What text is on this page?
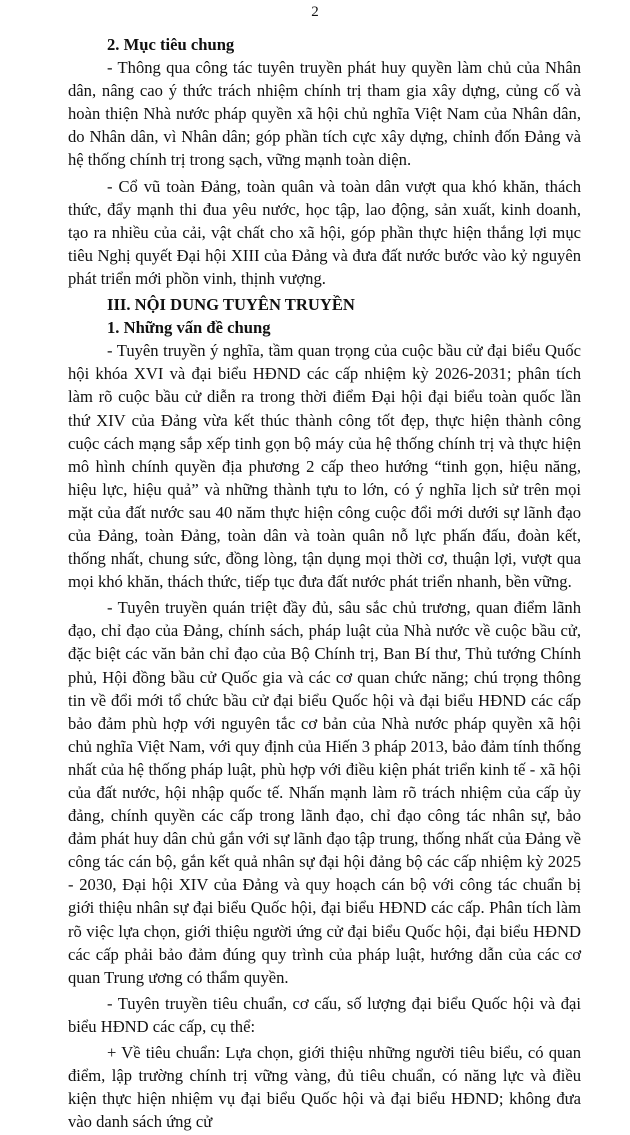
2

2. Mục tiêu chung

- Thông qua công tác tuyên truyền phát huy quyền làm chủ của Nhân dân, nâng cao ý thức trách nhiệm chính trị tham gia xây dựng, củng cố và hoàn thiện Nhà nước pháp quyền xã hội chủ nghĩa Việt Nam của Nhân dân, do Nhân dân, vì Nhân dân; góp phần tích cực xây dựng, chỉnh đốn Đảng và hệ thống chính trị trong sạch, vững mạnh toàn diện.

- Cổ vũ toàn Đảng, toàn quân và toàn dân vượt qua khó khăn, thách thức, đẩy mạnh thi đua yêu nước, học tập, lao động, sản xuất, kinh doanh, tạo ra nhiều của cải, vật chất cho xã hội, góp phần thực hiện thắng lợi mục tiêu Nghị quyết Đại hội XIII của Đảng và đưa đất nước bước vào kỷ nguyên phát triển mới phồn vinh, thịnh vượng.

III. NỘI DUNG TUYÊN TRUYỀN

1. Những vấn đề chung

- Tuyên truyền ý nghĩa, tầm quan trọng của cuộc bầu cử đại biểu Quốc hội khóa XVI và đại biểu HĐND các cấp nhiệm kỳ 2026-2031; phân tích làm rõ cuộc bầu cử diễn ra trong thời điểm Đại hội đại biểu toàn quốc lần thứ XIV của Đảng vừa kết thúc thành công tốt đẹp, thực hiện thành công cuộc cách mạng sắp xếp tinh gọn bộ máy của hệ thống chính trị và thực hiện mô hình chính quyền địa phương 2 cấp theo hướng “tinh gọn, hiệu năng, hiệu lực, hiệu quả” và những thành tựu to lớn, có ý nghĩa lịch sử trên mọi mặt của đất nước sau 40 năm thực hiện công cuộc đổi mới dưới sự lãnh đạo của Đảng, toàn Đảng, toàn dân và toàn quân nỗ lực phấn đấu, đoàn kết, thống nhất, chung sức, đồng lòng, tận dụng mọi thời cơ, thuận lợi, vượt qua mọi khó khăn, thách thức, tiếp tục đưa đất nước phát triển nhanh, bền vững.

- Tuyên truyền quán triệt đầy đủ, sâu sắc chủ trương, quan điểm lãnh đạo, chỉ đạo của Đảng, chính sách, pháp luật của Nhà nước về cuộc bầu cử, đặc biệt các văn bản chỉ đạo của Bộ Chính trị, Ban Bí thư, Thủ tướng Chính phủ, Hội đồng bầu cử Quốc gia và các cơ quan chức năng; chú trọng thông tin về đổi mới tổ chức bầu cử đại biểu Quốc hội và đại biểu HĐND các cấp bảo đảm phù hợp với nguyên tắc cơ bản của Nhà nước pháp quyền xã hội chủ nghĩa Việt Nam, với quy định của Hiến 3 pháp 2013, bảo đảm tính thống nhất của hệ thống pháp luật, phù hợp với điều kiện phát triển kinh tế - xã hội của đất nước, hội nhập quốc tế. Nhấn mạnh làm rõ trách nhiệm của cấp ủy đảng, chính quyền các cấp trong lãnh đạo, chỉ đạo công tác nhân sự, bảo đảm phát huy dân chủ gắn với sự lãnh đạo tập trung, thống nhất của Đảng về công tác cán bộ, gắn kết quả nhân sự đại hội đảng bộ các cấp nhiệm kỳ 2025 - 2030, Đại hội XIV của Đảng và quy hoạch cán bộ với công tác chuẩn bị giới thiệu nhân sự đại biểu Quốc hội, đại biểu HĐND các cấp. Phân tích làm rõ việc lựa chọn, giới thiệu người ứng cử đại biểu Quốc hội, đại biểu HĐND các cấp phải bảo đảm đúng quy trình của pháp luật, hướng dẫn của các cơ quan Trung ương có thẩm quyền.

- Tuyên truyền tiêu chuẩn, cơ cấu, số lượng đại biểu Quốc hội và đại biểu HĐND các cấp, cụ thể:

+ Về tiêu chuẩn: Lựa chọn, giới thiệu những người tiêu biểu, có quan điểm, lập trường chính trị vững vàng, đủ tiêu chuẩn, có năng lực và điều kiện thực hiện nhiệm vụ đại biểu Quốc hội và đại biểu HĐND; không đưa vào danh sách ứng cử
